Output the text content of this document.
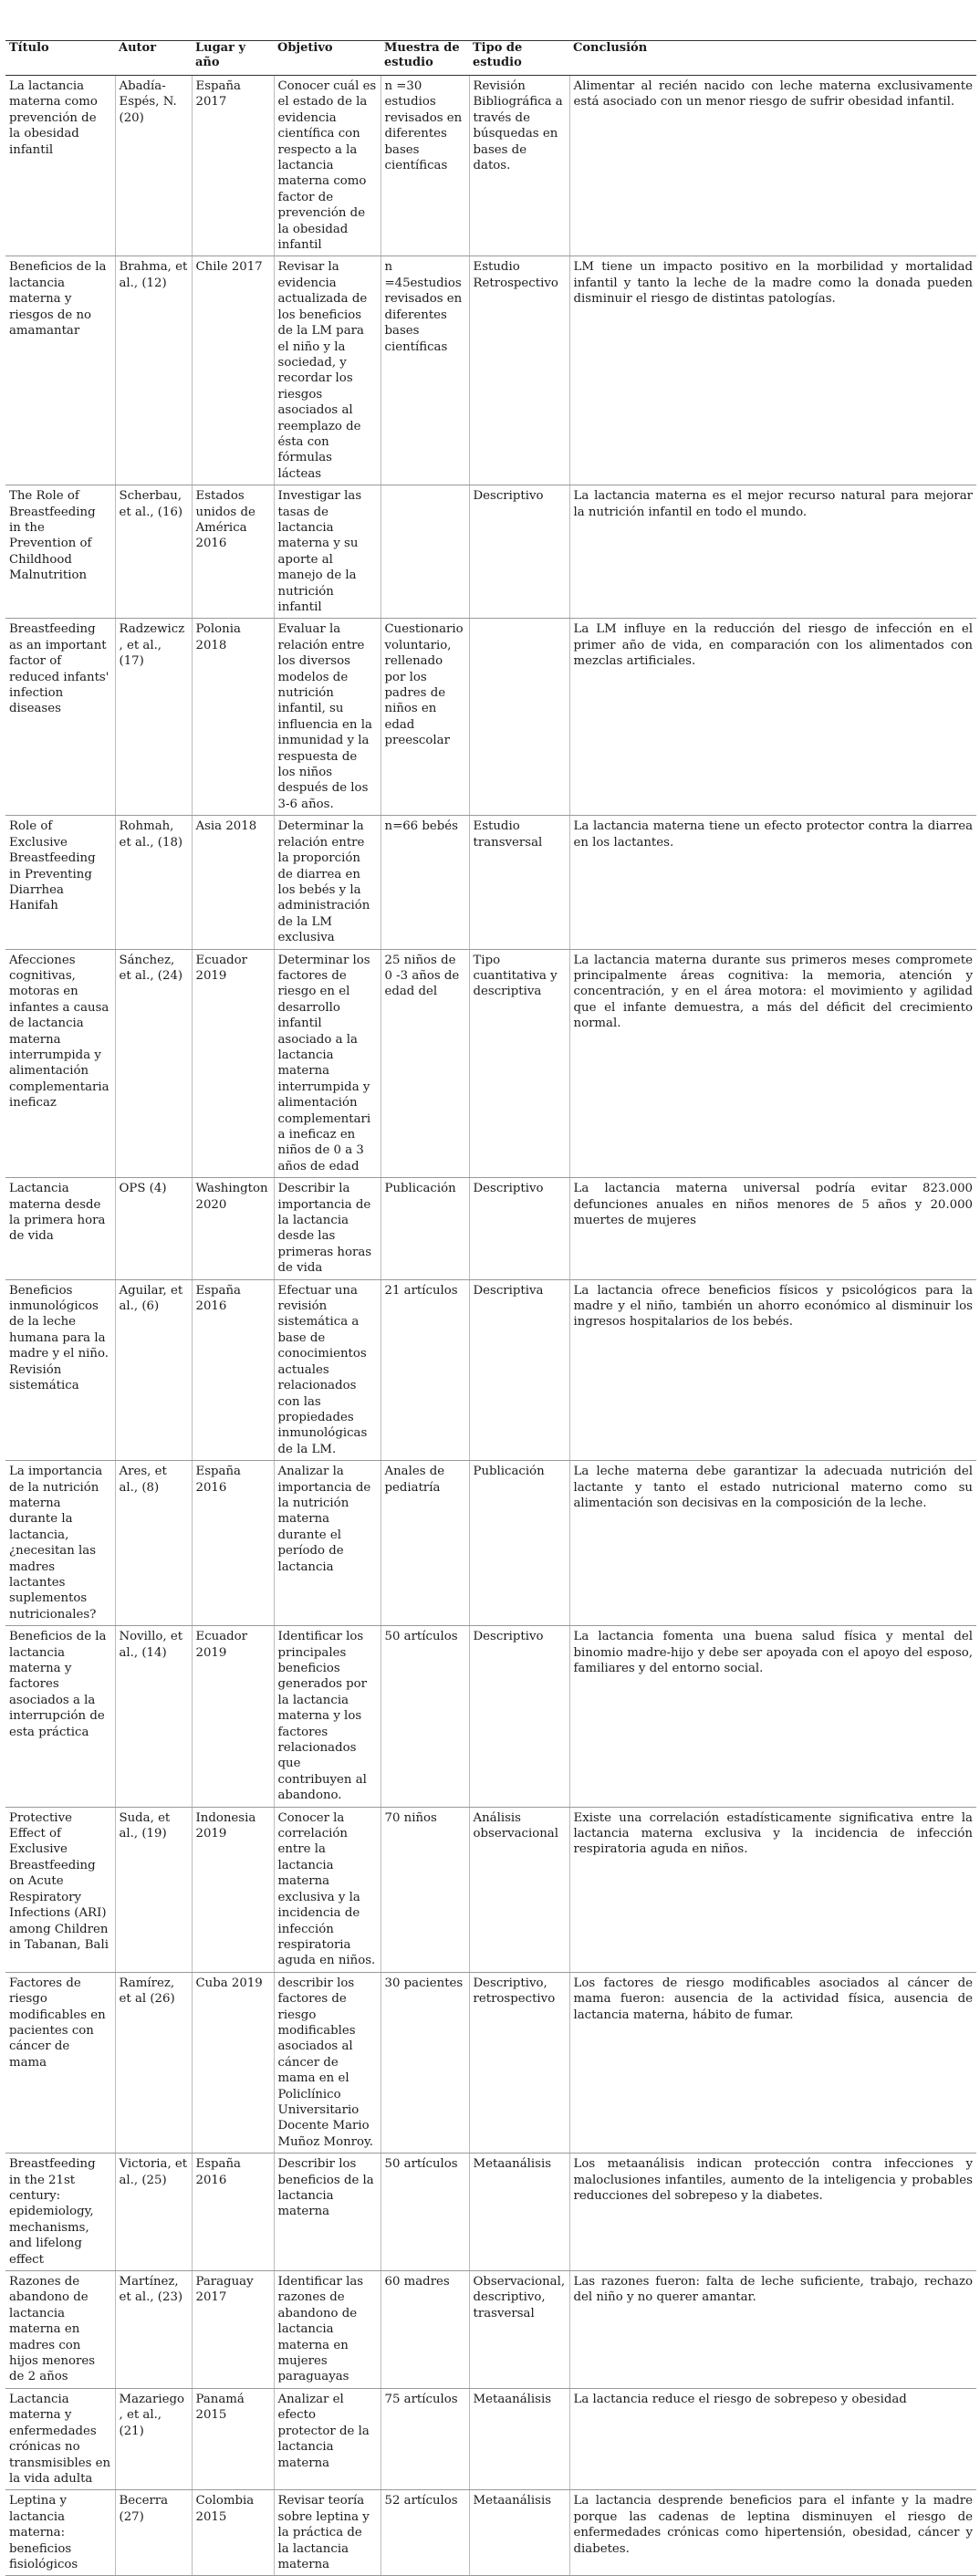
Título	Autor	Lugar y año	Objetivo	Muestra de estudio	Tipo de estudio	Conclusión
La lactancia materna como prevención de la obesidad infantil	Abadía-Espés, N. (20)	España 2017	Conocer cuál es el estado de la evidencia científica con respecto a la lactancia materna como factor de prevención de la obesidad infantil	n =30 estudios revisados en diferentes bases científicas	Revisión Bibliográfica a través de búsquedas en bases de datos.	Alimentar al recién nacido con leche materna exclusivamente está asociado con un menor riesgo de sufrir obesidad infantil.
Beneficios de la lactancia materna y riesgos de no amamantar	Brahma, et al., (12)	Chile 2017	Revisar la evidencia actualizada de los beneficios de la LM para el niño y la sociedad, y recordar los riesgos asociados al reemplazo de ésta con fórmulas lácteas	n =45estudios revisados en diferentes bases científicas	Estudio Retrospectivo	LM tiene un impacto positivo en la morbilidad y mortalidad infantil y tanto la leche de la madre como la donada pueden disminuir el riesgo de distintas patologías.
The Role of Breastfeeding in the Prevention of Childhood Malnutrition	Scherbau, et al., (16)	Estados unidos de América 2016	Investigar las tasas de lactancia materna y su aporte al manejo de la nutrición infantil		Descriptivo	La lactancia materna es el mejor recurso natural para mejorar la nutrición infantil en todo el mundo.
Breastfeeding as an important factor of reduced infants' infection diseases	Radzewicz, et al., (17)	Polonia 2018	Evaluar la relación entre los diversos modelos de nutrición infantil, su influencia en la inmunidad y la respuesta de los niños después de los 3-6 años.	Cuestionario voluntario, rellenado por los padres de niños en edad preescolar		La LM influye en la reducción del riesgo de infección en el primer año de vida, en comparación con los alimentados con mezclas artificiales.
Role of Exclusive Breastfeeding in Preventing Diarrhea Hanifah	Rohmah, et al., (18)	Asia 2018	Determinar la relación entre la proporción de diarrea en los bebés y la administración de la LM exclusiva	n=66 bebés	Estudio transversal	La lactancia materna tiene un efecto protector contra la diarrea en los lactantes.
Afecciones cognitivas, motoras en infantes a causa de lactancia materna interrumpida y alimentación complementaria ineficaz	Sánchez, et al., (24)	Ecuador 2019	Determinar los factores de riesgo en el desarrollo infantil asociado a la lactancia materna interrumpida y alimentación complementaria ineficaz en niños de 0 a 3 años de edad	25 niños de 0 -3 años de edad del	Tipo cuantitativa y descriptiva	La lactancia materna durante sus primeros meses compromete principalmente áreas cognitiva: la memoria, atención y concentración, y en el área motora: el movimiento y agilidad que el infante demuestra, a más del déficit del crecimiento normal.
Lactancia materna desde la primera hora de vida	OPS (4)	Washington 2020	Describir la importancia de la lactancia desde las primeras horas de vida	Publicación	Descriptivo	La lactancia materna universal podría evitar 823.000 defunciones anuales en niños menores de 5 años y 20.000 muertes de mujeres
Beneficios inmunológicos de la leche humana para la madre y el niño. Revisión sistemática	Aguilar, et al., (6)	España 2016	Efectuar una revisión sistemática a base de conocimientos actuales relacionados con las propiedades inmunológicas de la LM.	21 artículos	Descriptiva	La lactancia ofrece beneficios físicos y psicológicos para la madre y el niño, también un ahorro económico al disminuir los ingresos hospitalarios de los bebés.
La importancia de la nutrición materna durante la lactancia, ¿necesitan las madres lactantes suplementos nutricionales?	Ares, et al., (8)	España 2016	Analizar la importancia de la nutrición materna durante el período de lactancia	Anales de pediatría	Publicación	La leche materna debe garantizar la adecuada nutrición del lactante y tanto el estado nutricional materno como su alimentación son decisivas en la composición de la leche.
Beneficios de la lactancia materna y factores asociados a la interrupción de esta práctica	Novillo, et al., (14)	Ecuador 2019	Identificar los principales beneficios generados por la lactancia materna y los factores relacionados que contribuyen al abandono.	50 artículos	Descriptivo	La lactancia fomenta una buena salud física y mental del binomio madre-hijo y debe ser apoyada con el apoyo del esposo, familiares y del entorno social.
Protective Effect of Exclusive Breastfeeding on Acute Respiratory Infections (ARI) among Children in Tabanan, Bali	Suda, et al., (19)	Indonesia 2019	Conocer la correlación entre la lactancia materna exclusiva y la incidencia de infección respiratoria aguda en niños.	70 niños	Análisis observacional	Existe una correlación estadísticamente significativa entre la lactancia materna exclusiva y la incidencia de infección respiratoria aguda en niños.
Factores de riesgo modificables en pacientes con cáncer de mama	Ramírez, et al (26)	Cuba 2019	describir los factores de riesgo modificables asociados al cáncer de mama en el Policlínico Universitario Docente Mario Muñoz Monroy.	30 pacientes	Descriptivo, retrospectivo	Los factores de riesgo modificables asociados al cáncer de mama fueron: ausencia de la actividad física, ausencia de lactancia materna, hábito de fumar.
Breastfeeding in the 21st century: epidemiology, mechanisms, and lifelong effect	Victoria, et al., (25)	España 2016	Describir los beneficios de la lactancia materna	50 artículos	Metaanálisis	Los metaanálisis indican protección contra infecciones y maloclusiones infantiles, aumento de la inteligencia y probables reducciones del sobrepeso y la diabetes.
Razones de abandono de lactancia materna en madres con hijos menores de 2 años	Martínez, et al., (23)	Paraguay 2017	Identificar las razones de abandono de lactancia materna en mujeres paraguayas	60 madres	Observacional, descriptivo, trasversal	Las razones fueron: falta de leche suficiente, trabajo, rechazo del niño y no querer amantar.
Lactancia materna y enfermedades crónicas no transmisibles en la vida adulta	Mazariego, et al., (21)	Panamá 2015	Analizar el efecto protector de la lactancia materna	75 artículos	Metaanálisis	La lactancia reduce el riesgo de sobrepeso y obesidad
Leptina y lactancia materna: beneficios fisiológicos	Becerra (27)	Colombia 2015	Revisar teoría sobre leptina y la práctica de la lactancia materna	52 artículos	Metaanálisis	La lactancia desprende beneficios para el infante y la madre porque las cadenas de leptina disminuyen el riesgo de enfermedades crónicas como hipertensión, obesidad, cáncer y diabetes.
